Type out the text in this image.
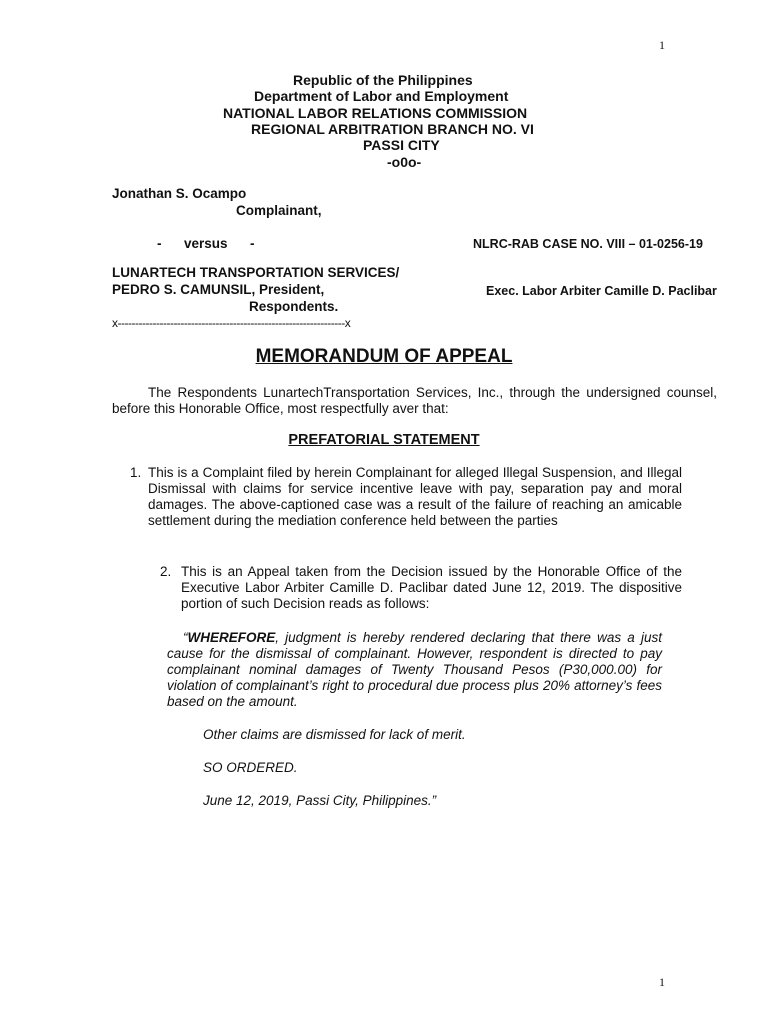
1
Republic of the Philippines
Department of Labor and Employment
NATIONAL LABOR RELATIONS COMMISSION
REGIONAL ARBITRATION BRANCH NO. VI
PASSI CITY
-o0o-
Jonathan S. Ocampo
Complainant,
-      versus      -	NLRC-RAB CASE NO. VIII – 01-0256-19
LUNARTECH TRANSPORTATION SERVICES/
PEDRO S. CAMUNSIL, President,	Exec. Labor Arbiter Camille D. Paclibar
Respondents.
x-----------------------------------------------------------------x
MEMORANDUM OF APPEAL
The Respondents LunartechTransportation Services, Inc., through the undersigned counsel, before this Honorable Office, most respectfully aver that:
PREFATORIAL STATEMENT
1. This is a Complaint filed by herein Complainant for alleged Illegal Suspension, and Illegal Dismissal with claims for service incentive leave with pay, separation pay and moral damages. The above-captioned case was a result of the failure of reaching an amicable settlement during the mediation conference held between the parties
2. This is an Appeal taken from the Decision issued by the Honorable Office of the Executive Labor Arbiter Camille D. Paclibar dated June 12, 2019. The dispositive portion of such Decision reads as follows:
“WHEREFORE, judgment is hereby rendered declaring that there was a just cause for the dismissal of complainant. However, respondent is directed to pay complainant nominal damages of Twenty Thousand Pesos (P30,000.00) for violation of complainant’s right to procedural due process plus 20% attorney’s fees based on the amount.
Other claims are dismissed for lack of merit.
SO ORDERED.
June 12, 2019, Passi City, Philippines.”
1
